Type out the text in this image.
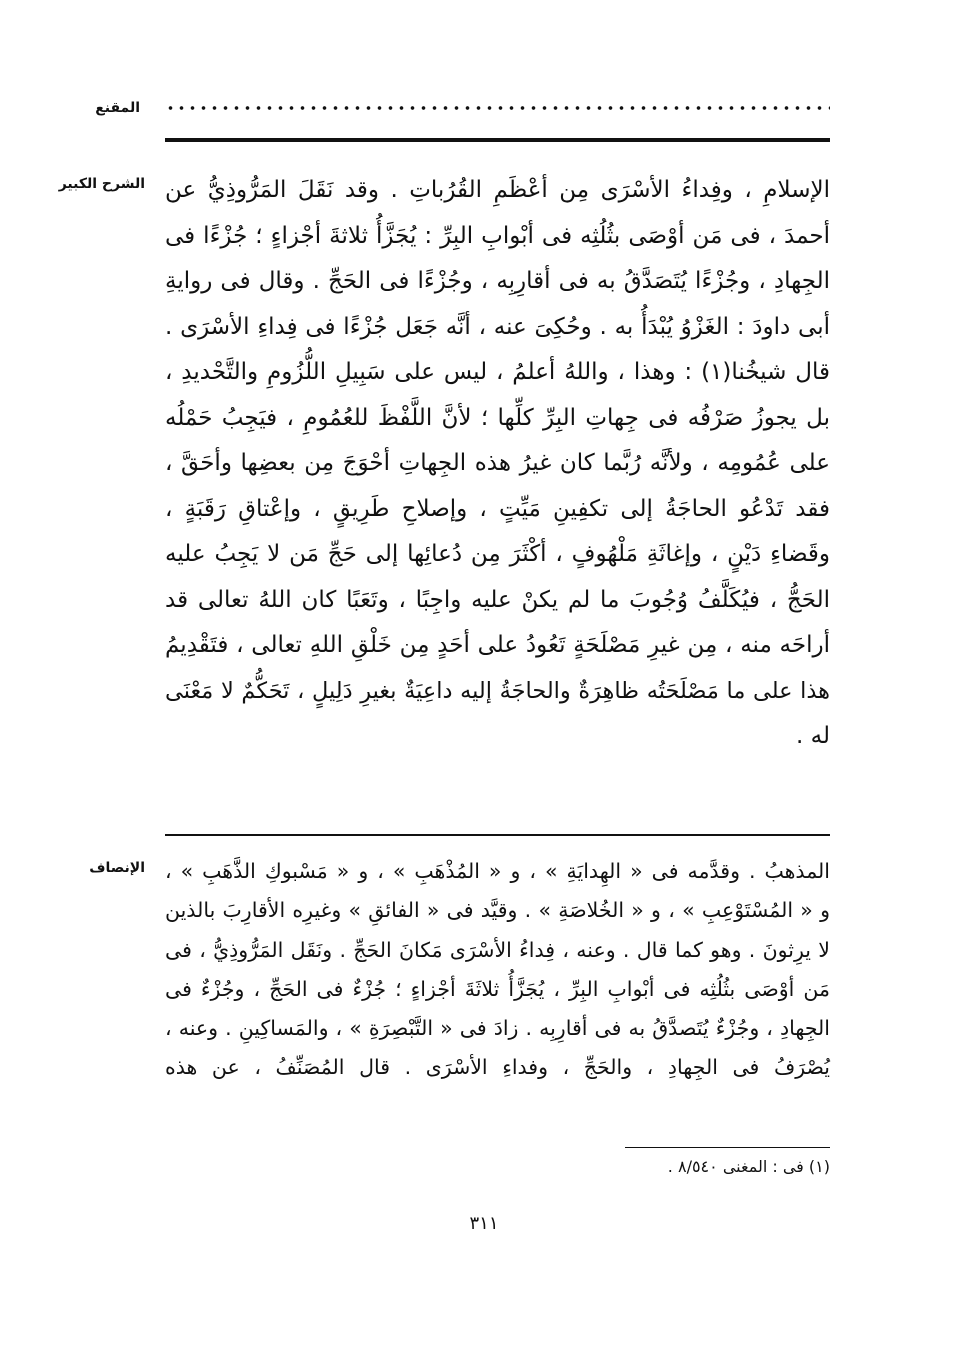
المقنع
الشرح الكبير الإسلامِ ، وفِداءُ الأسْرَى مِن أعْظَمِ القُرُباتِ . وقد نَقَلَ المَرُّوذِيُّ عن
أحمدَ ، فى مَن أوْصَى بثُلُثِه فى أبْوابِ البِرِّ : يُجَزَّأُ ثلاثةَ أجْزاءٍ ؛ جُزْءًا فى
الجِهادِ ، وجُزْءًا يُتَصَدَّقُ به فى أقارِبِه ، وجُزْءًا فى الحَجِّ . وقال فى روايةِ
أبى داودَ : الغَزْوُ يُبْدَأُ به . وحُكِىَ عنه ، أنَّه جَعَل جُزْءًا فى فِداءِ الأسْرَى .
قال شيخُنا(١) : وهذا ، واللهُ أعلمُ ، ليس على سَبِيلِ اللُّزُومِ والتَّحْديدِ ،
بل يجوزُ صَرْفُه فى جِهاتِ البِرِّ كلِّها ؛ لأنَّ اللَّفْظَ للعُمُومِ ، فيَجِبُ حَمْلُه
على عُمُومِه ، ولأنَّه رُبَّما كان غيرُ هذه الجِهاتِ أحْوَجَ مِن بعضِها وأحَقَّ ،
فقد تَدْعُو الحاجَةُ إلى تكفِينِ مَيِّتٍ ، وإصلاحِ طَرِيقٍ ، وإعْتاقِ رَقَبَةٍ ،
وقَضاءِ دَيْنٍ ، وإغاثَةِ مَلْهُوفٍ ، أكْثَرَ مِن دُعائِها إلى حَجِّ مَن لا يَجِبُ عليه
الحَجُّ ، فيُكَلَّفُ وُجُوبَ ما لم يكنْ عليه واجِبًا ، وتَعَبًا كان اللهُ تعالى قد
أراحَه منه ، مِن غيرِ مَصْلَحَةٍ تَعُودُ على أحَدٍ مِن خَلْقِ اللهِ تعالى ، فتَقْدِيمُ
هذا على ما مَصْلَحَتُه ظاهِرَةٌ والحاجَةُ إليه داعِيَةٌ بغيرِ دَلِيلٍ ، تَحَكُّمٌ لا مَعْنَى
له .
الإنصاف المذهبُ . وقدَّمه فى « الهِدايَةِ » ، و « المُذْهَبِ » ، و « مَسْبوكِ الذَّهَبِ » ،
و « المُسْتَوْعِبِ » ، و « الخُلاصَةِ » . وقيَّد فى « الفائقِ » وغيرِه الأقارِبَ بالذين
لا يرِثونَ . وهو كما قال . وعنه ، فِداءُ الأسْرَى مَكانَ الحَجِّ . ونَقَل المَرُّوذِيُّ ، فى
مَن أوْصَى بثُلُثِه فى أبْوابِ البِرِّ ، يُجَزَّأُ ثلاثَةَ أجْزاءٍ ؛ جُزْءٌ فى الحَجِّ ، وجُزْءٌ فى
الجِهادِ ، وجُزْءٌ يُتَصدَّقُ به فى أقارِبِه . زادَ فى « التَّبْصِرَةِ » ، والمَساكِينِ . وعنه ،
يُصْرَفُ فى الجِهادِ ، والحَجِّ ، وفداءِ الأسْرَى . قال المُصَنِّفُ ، عن هذه
(١) فى : المغنى ٨/٥٤٠ .
٣١١
